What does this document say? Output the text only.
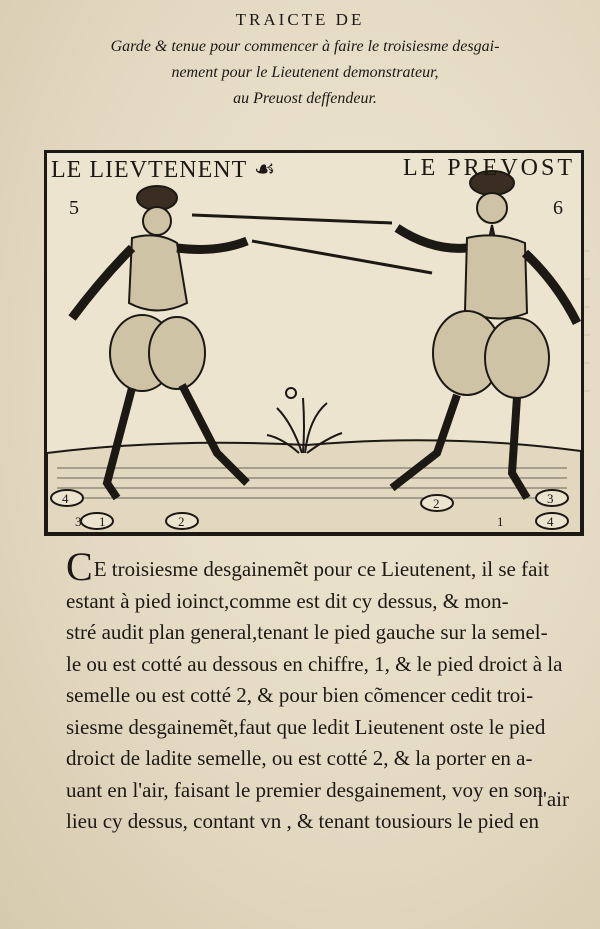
TRAICTE DE
Garde & tenue pour commencer à faire le troisiesme desgai-
nement pour le Lieutenent demonstrateur,
au Preuost deffendeur.
4
3 1	2
2
1
3
4
LE LIEVTENENT ☙	LE PREVOST
5	6
CE troisiesme desgainemẽt pour ce Lieutenent, il se fait
estant à pied ioinct,comme est dit cy dessus, & mon-
stré audit plan general,tenant le pied gauche sur la semel-
le ou est cotté au dessous en chiffre, 1, & le pied droict à la
semelle ou est cotté 2, & pour bien cõmencer cedit troi-
siesme desgainemẽt,faut que ledit Lieutenent oste le pied
droict de ladite semelle, ou est cotté 2, & la porter en a-
uant en l'air, faisant le premier desgainement, voy en son
lieu cy dessus, contant vn , & tenant tousiours le pied en
l'air
